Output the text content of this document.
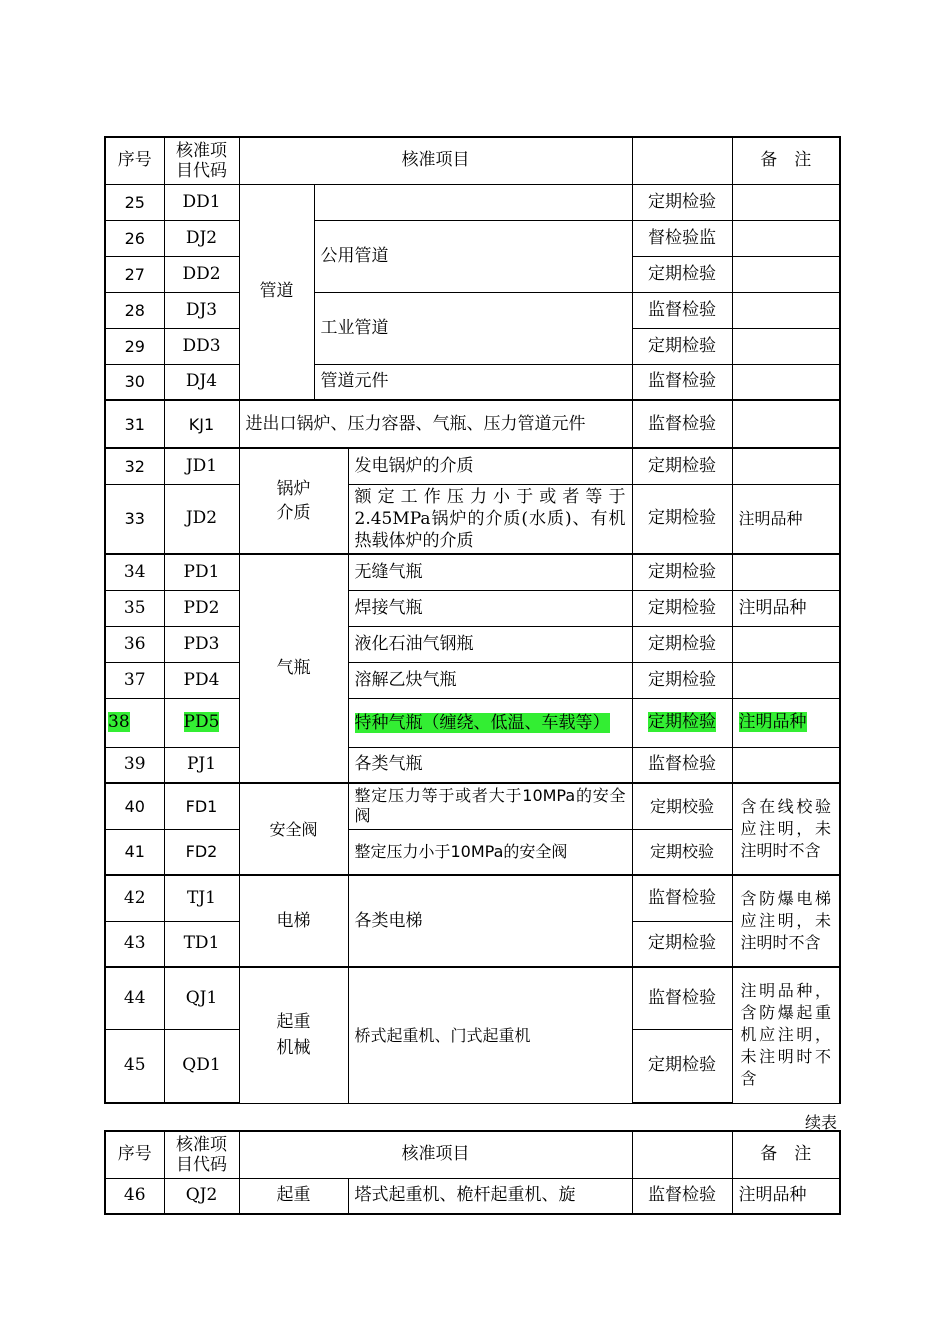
序号	核准项目代码	核准项目				备　注
25	DD1	管道			定期检验	
26	DJ2		公用管道		督检验监	
27	DD2				定期检验	
28	DJ3		工业管道		监督检验	
29	DD3				定期检验	
30	DJ4		管道元件		监督检验	
31	KJ1	进出口锅炉、压力容器、气瓶、压力管道元件			监督检验	
32	JD1	锅炉介质		发电锅炉的介质	定期检验	
33	JD2			额定工作压力小于或者等于2.45MPa锅炉的介质(水质)、有机热载体炉的介质	定期检验	注明品种
34	PD1	气瓶		无缝气瓶	定期检验	
35	PD2			焊接气瓶	定期检验	注明品种
36	PD3			液化石油气钢瓶	定期检验	
37	PD4			溶解乙炔气瓶	定期检验	
38	PD5			特种气瓶（缠绕、低温、车载等）	定期检验	注明品种
39	PJ1			各类气瓶	监督检验	
40	FD1	安全阀		整定压力等于或者大于10MPa的安全阀	定期校验	含在线校验应注明，未注明时不含
41	FD2			整定压力小于10MPa的安全阀	定期校验	
42	TJ1	电梯		各类电梯	监督检验	含防爆电梯应注明，未注明时不含
43	TD1				定期检验	
44	QJ1	起重机械		桥式起重机、门式起重机	监督检验	注明品种，含防爆起重机应注明，未注明时不含
45	QD1				定期检验	
续表
序号	核准项目代码	核准项目			备　注
46	QJ2	起重	塔式起重机、桅杆起重机、旋	监督检验	注明品种
